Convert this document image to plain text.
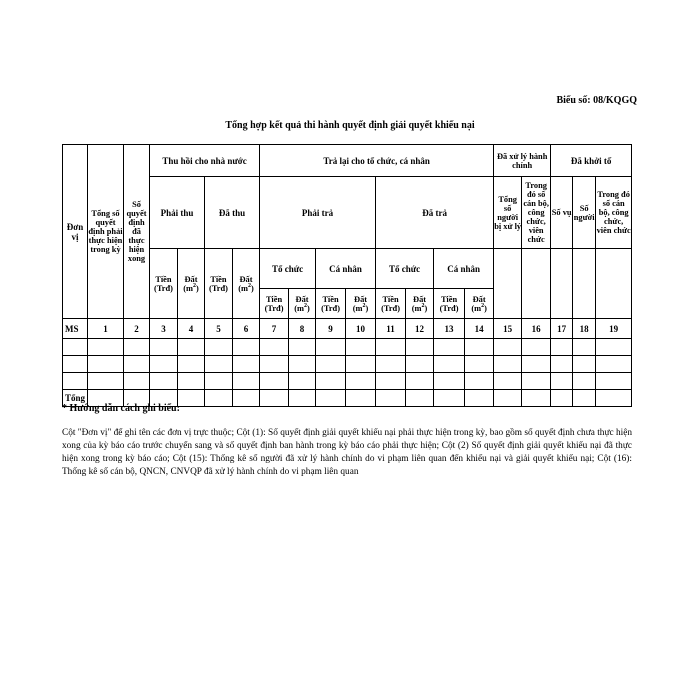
Biểu số: 08/KQGQ
Tổng hợp kết quả thi hành quyết định giải quyết khiếu nại
Đơn vị	Tổng số quyết định phải thực hiện trong kỳ	Số quyết định đã thực hiện xong	Thu hồi cho nhà nước				Trả lại cho tổ chức, cá nhân								Đã xử lý hành chính		Đã khởi tố		
			Phải thu		Đã thu		Phải trả				Đã trả				Tổng số người bị xử lý	Trong đó số cán bộ, công chức, viên chức	Số vụ	Số người	Trong đó số cán bộ, công chức, viên chức

			Tiền (Trđ)	Đất $(m^2)$	Tiền (Trđ)	Đất $(m^2)$	Tổ chức		Cá nhân		Tổ chức		Cá nhân						
							Tiền (Trđ)	Đất $(m^2)$	Tiền (Trđ)	Đất $(m^2)$	Tiền (Trđ)	Đất $(m^2)$	Tiền (Trđ)	Đất $(m^2)$					
MS	1	2	3	4	5	6	7	8	9	10	11	12	13	14	15	16	17	18	19

Tổng																			
* Hướng dẫn cách ghi biểu:
Cột "Đơn vị" để ghi tên các đơn vị trực thuộc; Cột (1): Số quyết định giải quyết khiếu nại phải thực hiện trong kỳ, bao gồm số quyết định chưa thực hiện xong của kỳ báo cáo trước chuyển sang và số quyết định ban hành trong kỳ báo cáo phải thực hiện; Cột (2) Số quyết định giải quyết khiếu nại đã thực hiện xong trong kỳ báo cáo; Cột (15): Thống kê số người đã xử lý hành chính do vi phạm liên quan đến khiếu nại và giải quyết khiếu nại; Cột (16): Thống kê số cán bộ, QNCN, CNVQP đã xử lý hành chính do vi phạm liên quan
